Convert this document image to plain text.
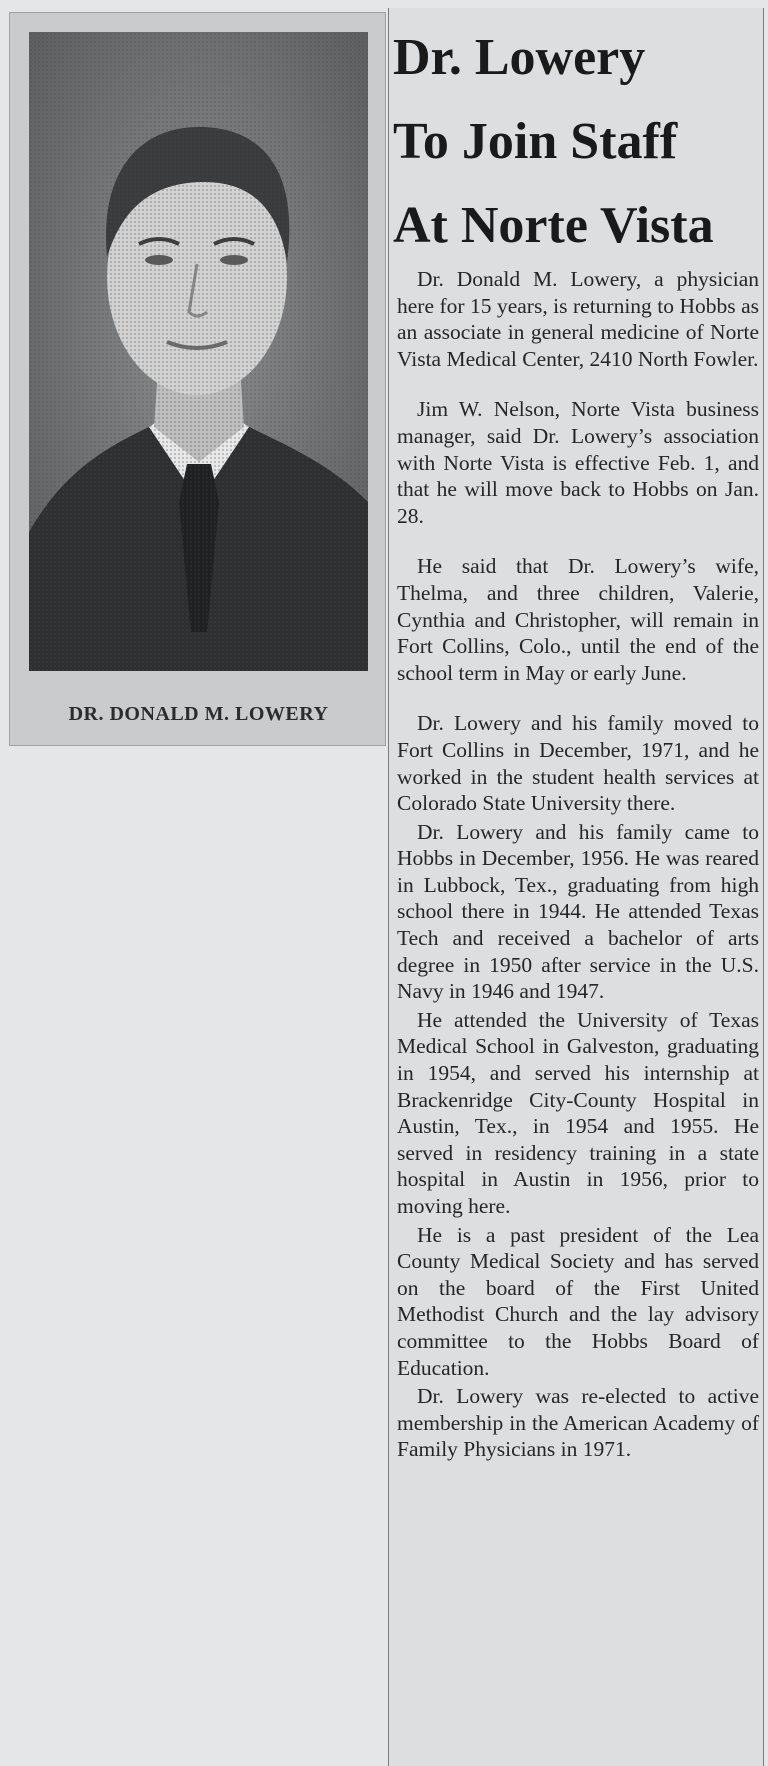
DR. DONALD M. LOWERY
Dr. Lowery
To Join Staff
At Norte Vista

Dr. Donald M. Lowery, a physician here for 15 years, is returning to Hobbs as an associate in general medicine of Norte Vista Medical Center, 2410 North Fowler.

Jim W. Nelson, Norte Vista business manager, said Dr. Lowery’s association with Norte Vista is effective Feb. 1, and that he will move back to Hobbs on Jan. 28.

He said that Dr. Lowery’s wife, Thelma, and three children, Valerie, Cynthia and Christopher, will remain in Fort Collins, Colo., until the end of the school term in May or early June.

Dr. Lowery and his family moved to Fort Collins in December, 1971, and he worked in the student health services at Colorado State University there.

Dr. Lowery and his family came to Hobbs in December, 1956. He was reared in Lubbock, Tex., graduating from high school there in 1944. He attended Texas Tech and received a bachelor of arts degree in 1950 after service in the U.S. Navy in 1946 and 1947.

He attended the University of Texas Medical School in Galveston, graduating in 1954, and served his internship at Brackenridge City-County Hospital in Austin, Tex., in 1954 and 1955. He served in residency training in a state hospital in Austin in 1956, prior to moving here.

He is a past president of the Lea County Medical Society and has served on the board of the First United Methodist Church and the lay advisory committee to the Hobbs Board of Education.

Dr. Lowery was re-elected to active membership in the American Academy of Family Physicians in 1971.
